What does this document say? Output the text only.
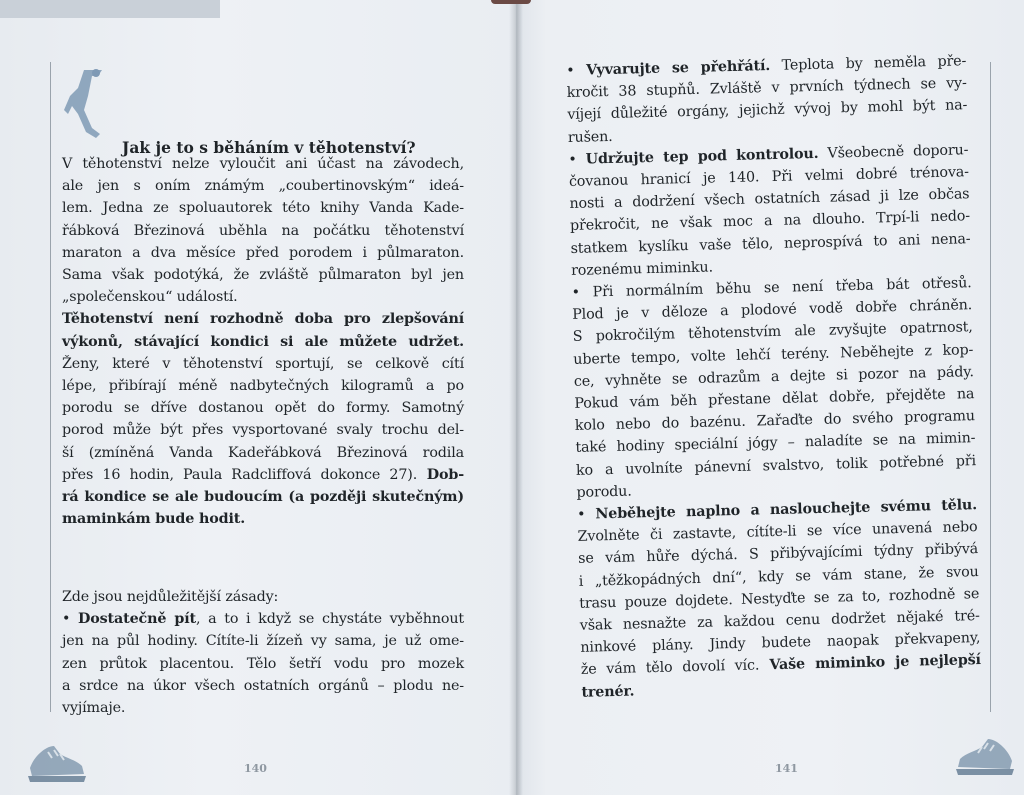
Jak je to s běháním v těhotenství?
V těhotenství nelze vyloučit ani účast na závodech,
ale jen s oním známým „coubertinovským“ ideá-
lem. Jedna ze spoluautorek této knihy Vanda Kade-
řábková Březinová uběhla na počátku těhotenství
maraton a dva měsíce před porodem i půlmaraton.
Sama však podotýká, že zvláště půlmaraton byl jen
„společenskou“ událostí.
Těhotenství není rozhodně doba pro zlepšování
výkonů, stávající kondici si ale můžete udržet.
Ženy, které v těhotenství sportují, se celkově cítí
lépe, přibírají méně nadbytečných kilogramů a po
porodu se dříve dostanou opět do formy. Samotný
porod může být přes vysportované svaly trochu del-
ší (zmíněná Vanda Kadeřábková Březinová rodila
přes 16 hodin, Paula Radcliffová dokonce 27). Dob-
rá kondice se ale budoucím (a později skutečným)
maminkám bude hodit.
Zde jsou nejdůležitější zásady:
• Dostatečně pít, a to i když se chystáte vyběhnout
jen na půl hodiny. Cítíte-li žízeň vy sama, je už ome-
zen průtok placentou. Tělo šetří vodu pro mozek
a srdce na úkor všech ostatních orgánů – plodu ne-
vyjímaje.
• Vyvarujte se přehřátí. Teplota by neměla pře-
kročit 38 stupňů. Zvláště v prvních týdnech se vy-
víjejí důležité orgány, jejichž vývoj by mohl být na-
rušen.
• Udržujte tep pod kontrolou. Všeobecně doporu-
čovanou hranicí je 140. Při velmi dobré trénova-
nosti a dodržení všech ostatních zásad ji lze občas
překročit, ne však moc a na dlouho. Trpí-li nedo-
statkem kyslíku vaše tělo, neprospívá to ani nena-
rozenému miminku.
• Při normálním běhu se není třeba bát otřesů.
Plod je v děloze a plodové vodě dobře chráněn.
S pokročilým těhotenstvím ale zvyšujte opatrnost,
uberte tempo, volte lehčí terény. Neběhejte z kop-
ce, vyhněte se odrazům a dejte si pozor na pády.
Pokud vám běh přestane dělat dobře, přejděte na
kolo nebo do bazénu. Zařaďte do svého programu
také hodiny speciální jógy – naladíte se na mimin-
ko a uvolníte pánevní svalstvo, tolik potřebné při
porodu.
• Neběhejte naplno a naslouchejte svému tělu.
Zvolněte či zastavte, cítíte-li se více unavená nebo
se vám hůře dýchá. S přibývajícími týdny přibývá
i „těžkopádných dní“, kdy se vám stane, že svou
trasu pouze dojdete. Nestyďte se za to, rozhodně se
však nesnažte za každou cenu dodržet nějaké tré-
ninkové plány. Jindy budete naopak překvapeny,
že vám tělo dovolí víc. Vaše miminko je nejlepší
trenér.
140	141
